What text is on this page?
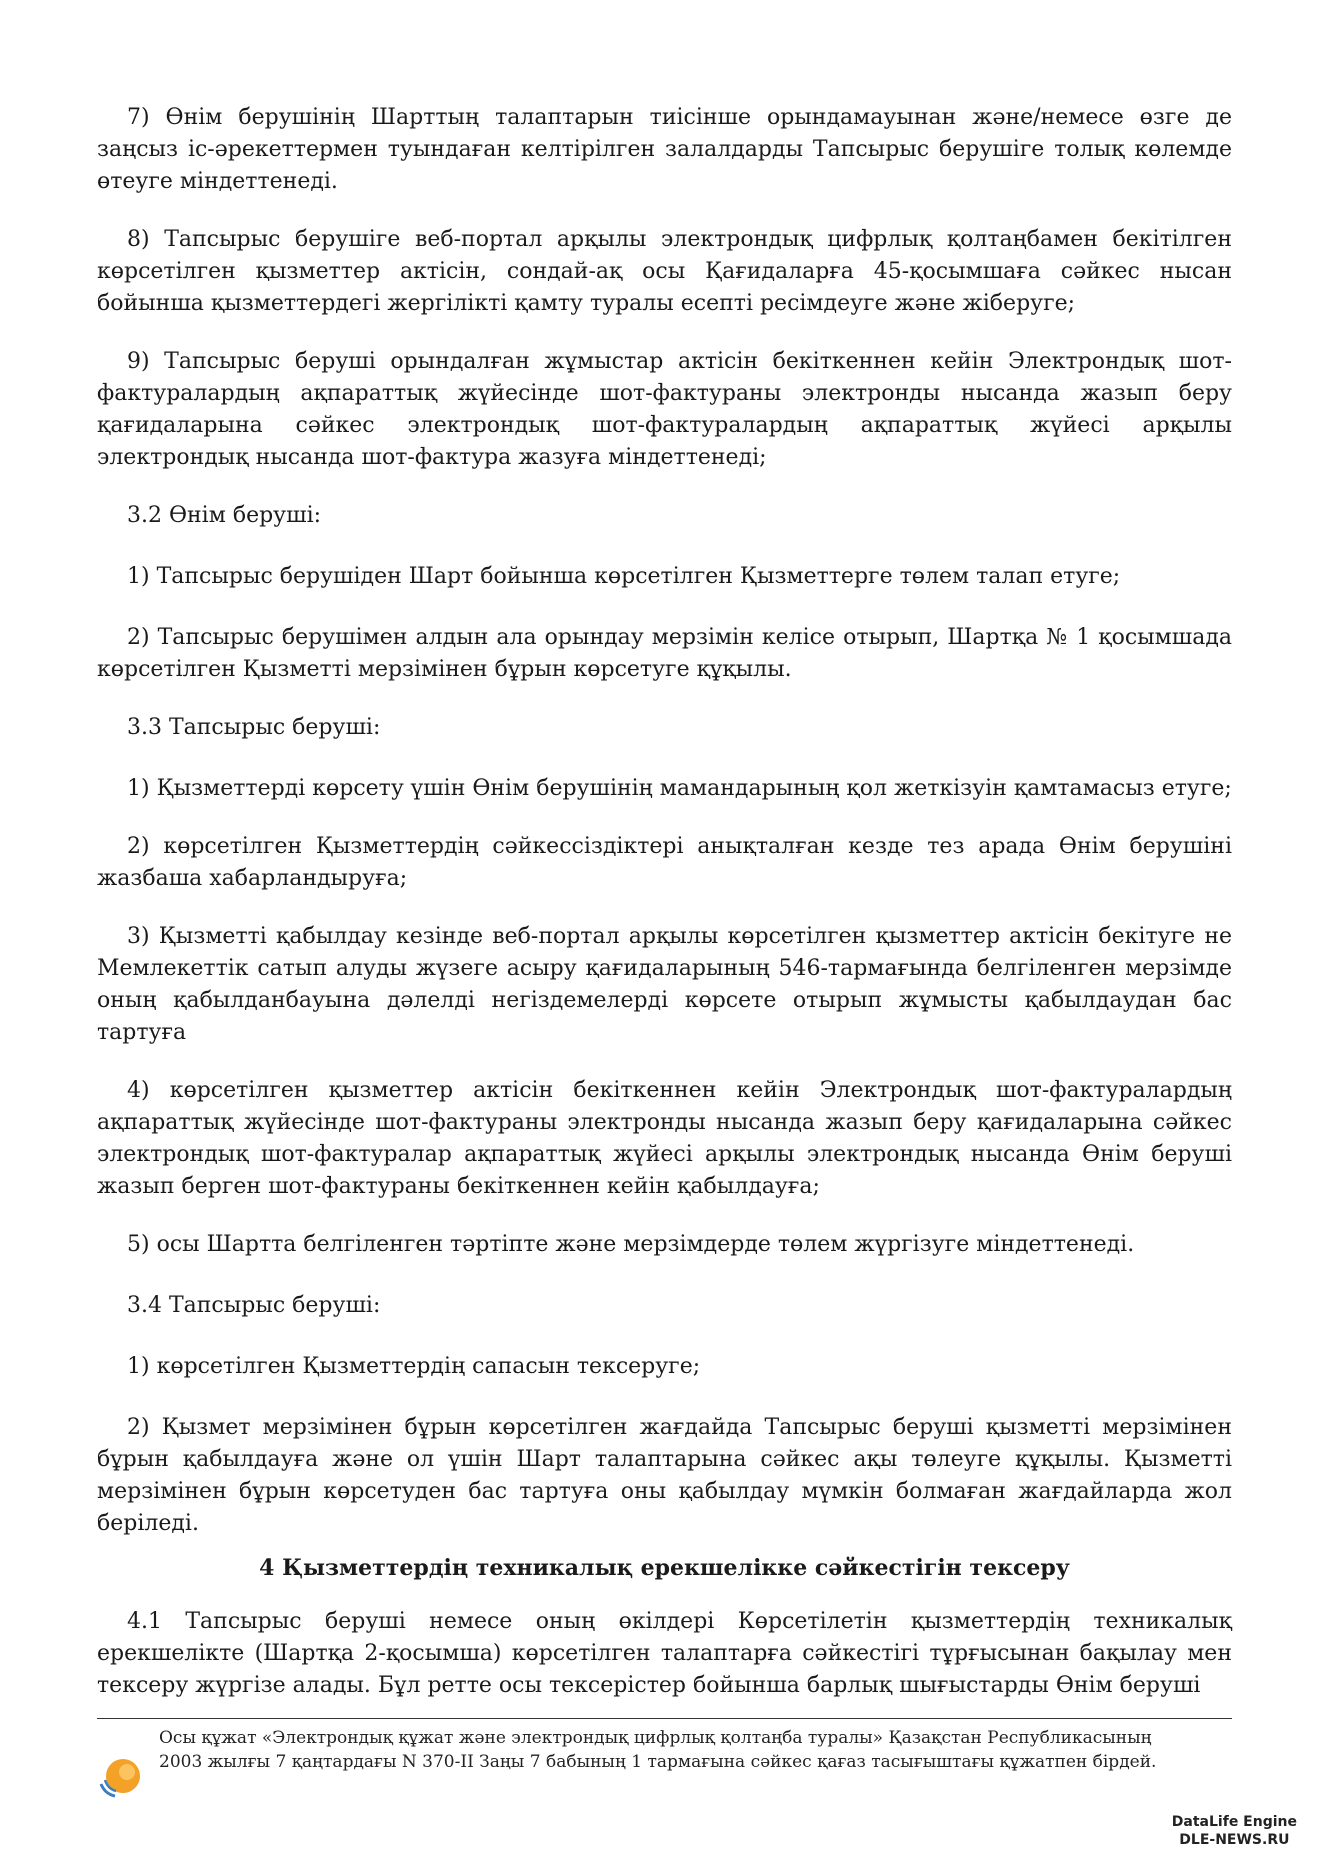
7) Өнім берушінің Шарттың талаптарын тиісінше орындамауынан және/немесе өзге де заңсыз іс-әрекеттермен туындаған келтірілген залалдарды Тапсырыс берушіге толық көлемде өтеуге міндеттенеді.

8) Тапсырыс берушіге веб-портал арқылы электрондық цифрлық қолтаңбамен бекітілген көрсетілген қызметтер актісін, сондай-ақ осы Қағидаларға 45-қосымшаға сәйкес нысан бойынша қызметтердегі жергілікті қамту туралы есепті ресімдеуге және жіберуге;

9) Тапсырыс беруші орындалған жұмыстар актісін бекіткеннен кейін Электрондық шот-фактуралардың ақпараттық жүйесінде шот-фактураны электронды нысанда жазып беру қағидаларына сәйкес электрондық шот-фактуралардың ақпараттық жүйесі арқылы электрондық нысанда шот-фактура жазуға міндеттенеді;

3.2 Өнім беруші:

1) Тапсырыс берушіден Шарт бойынша көрсетілген Қызметтерге төлем талап етуге;

2) Тапсырыс берушімен алдын ала орындау мерзімін келісе отырып, Шартқа № 1 қосымшада көрсетілген Қызметті мерзімінен бұрын көрсетуге құқылы.

3.3 Тапсырыс беруші:

1) Қызметтерді көрсету үшін Өнім берушінің мамандарының қол жеткізуін қамтамасыз етуге;

2) көрсетілген Қызметтердің сәйкессіздіктері анықталған кезде тез арада Өнім берушіні жазбаша хабарландыруға;

3) Қызметті қабылдау кезінде веб-портал арқылы көрсетілген қызметтер актісін бекітуге не Мемлекеттік сатып алуды жүзеге асыру қағидаларының 546-тармағында белгіленген мерзімде оның қабылданбауына дәлелді негіздемелерді көрсете отырып жұмысты қабылдаудан бас тартуға

4) көрсетілген қызметтер актісін бекіткеннен кейін Электрондық шот-фактуралардың ақпараттық жүйесінде шот-фактураны электронды нысанда жазып беру қағидаларына сәйкес электрондық шот-фактуралар ақпараттық жүйесі арқылы электрондық нысанда Өнім беруші жазып берген шот-фактураны бекіткеннен кейін қабылдауға;

5) осы Шартта белгіленген тәртіпте және мерзімдерде төлем жүргізуге міндеттенеді.

3.4 Тапсырыс беруші:

1) көрсетілген Қызметтердің сапасын тексеруге;

2) Қызмет мерзімінен бұрын көрсетілген жағдайда Тапсырыс беруші қызметті мерзімінен бұрын қабылдауға және ол үшін Шарт талаптарына сәйкес ақы төлеуге құқылы. Қызметті мерзімінен бұрын көрсетуден бас тартуға оны қабылдау мүмкін болмаған жағдайларда жол беріледі.

4 Қызметтердің техникалық ерекшелікке сәйкестігін тексеру

4.1 Тапсырыс беруші немесе оның өкілдері Көрсетілетін қызметтердің техникалық ерекшелікте (Шартқа 2-қосымша) көрсетілген талаптарға сәйкестігі тұрғысынан бақылау мен тексеру жүргізе алады. Бұл ретте осы тексерістер бойынша барлық шығыстарды Өнім беруші

Осы құжат «Электрондық құжат және электрондық цифрлық қолтаңба туралы» Қазақстан Республикасының 2003 жылғы 7 қаңтардағы N 370-II Заңы 7 бабының 1 тармағына сәйкес қағаз тасығыштағы құжатпен бірдей.
DataLife Engine
DLE-NEWS.RU
